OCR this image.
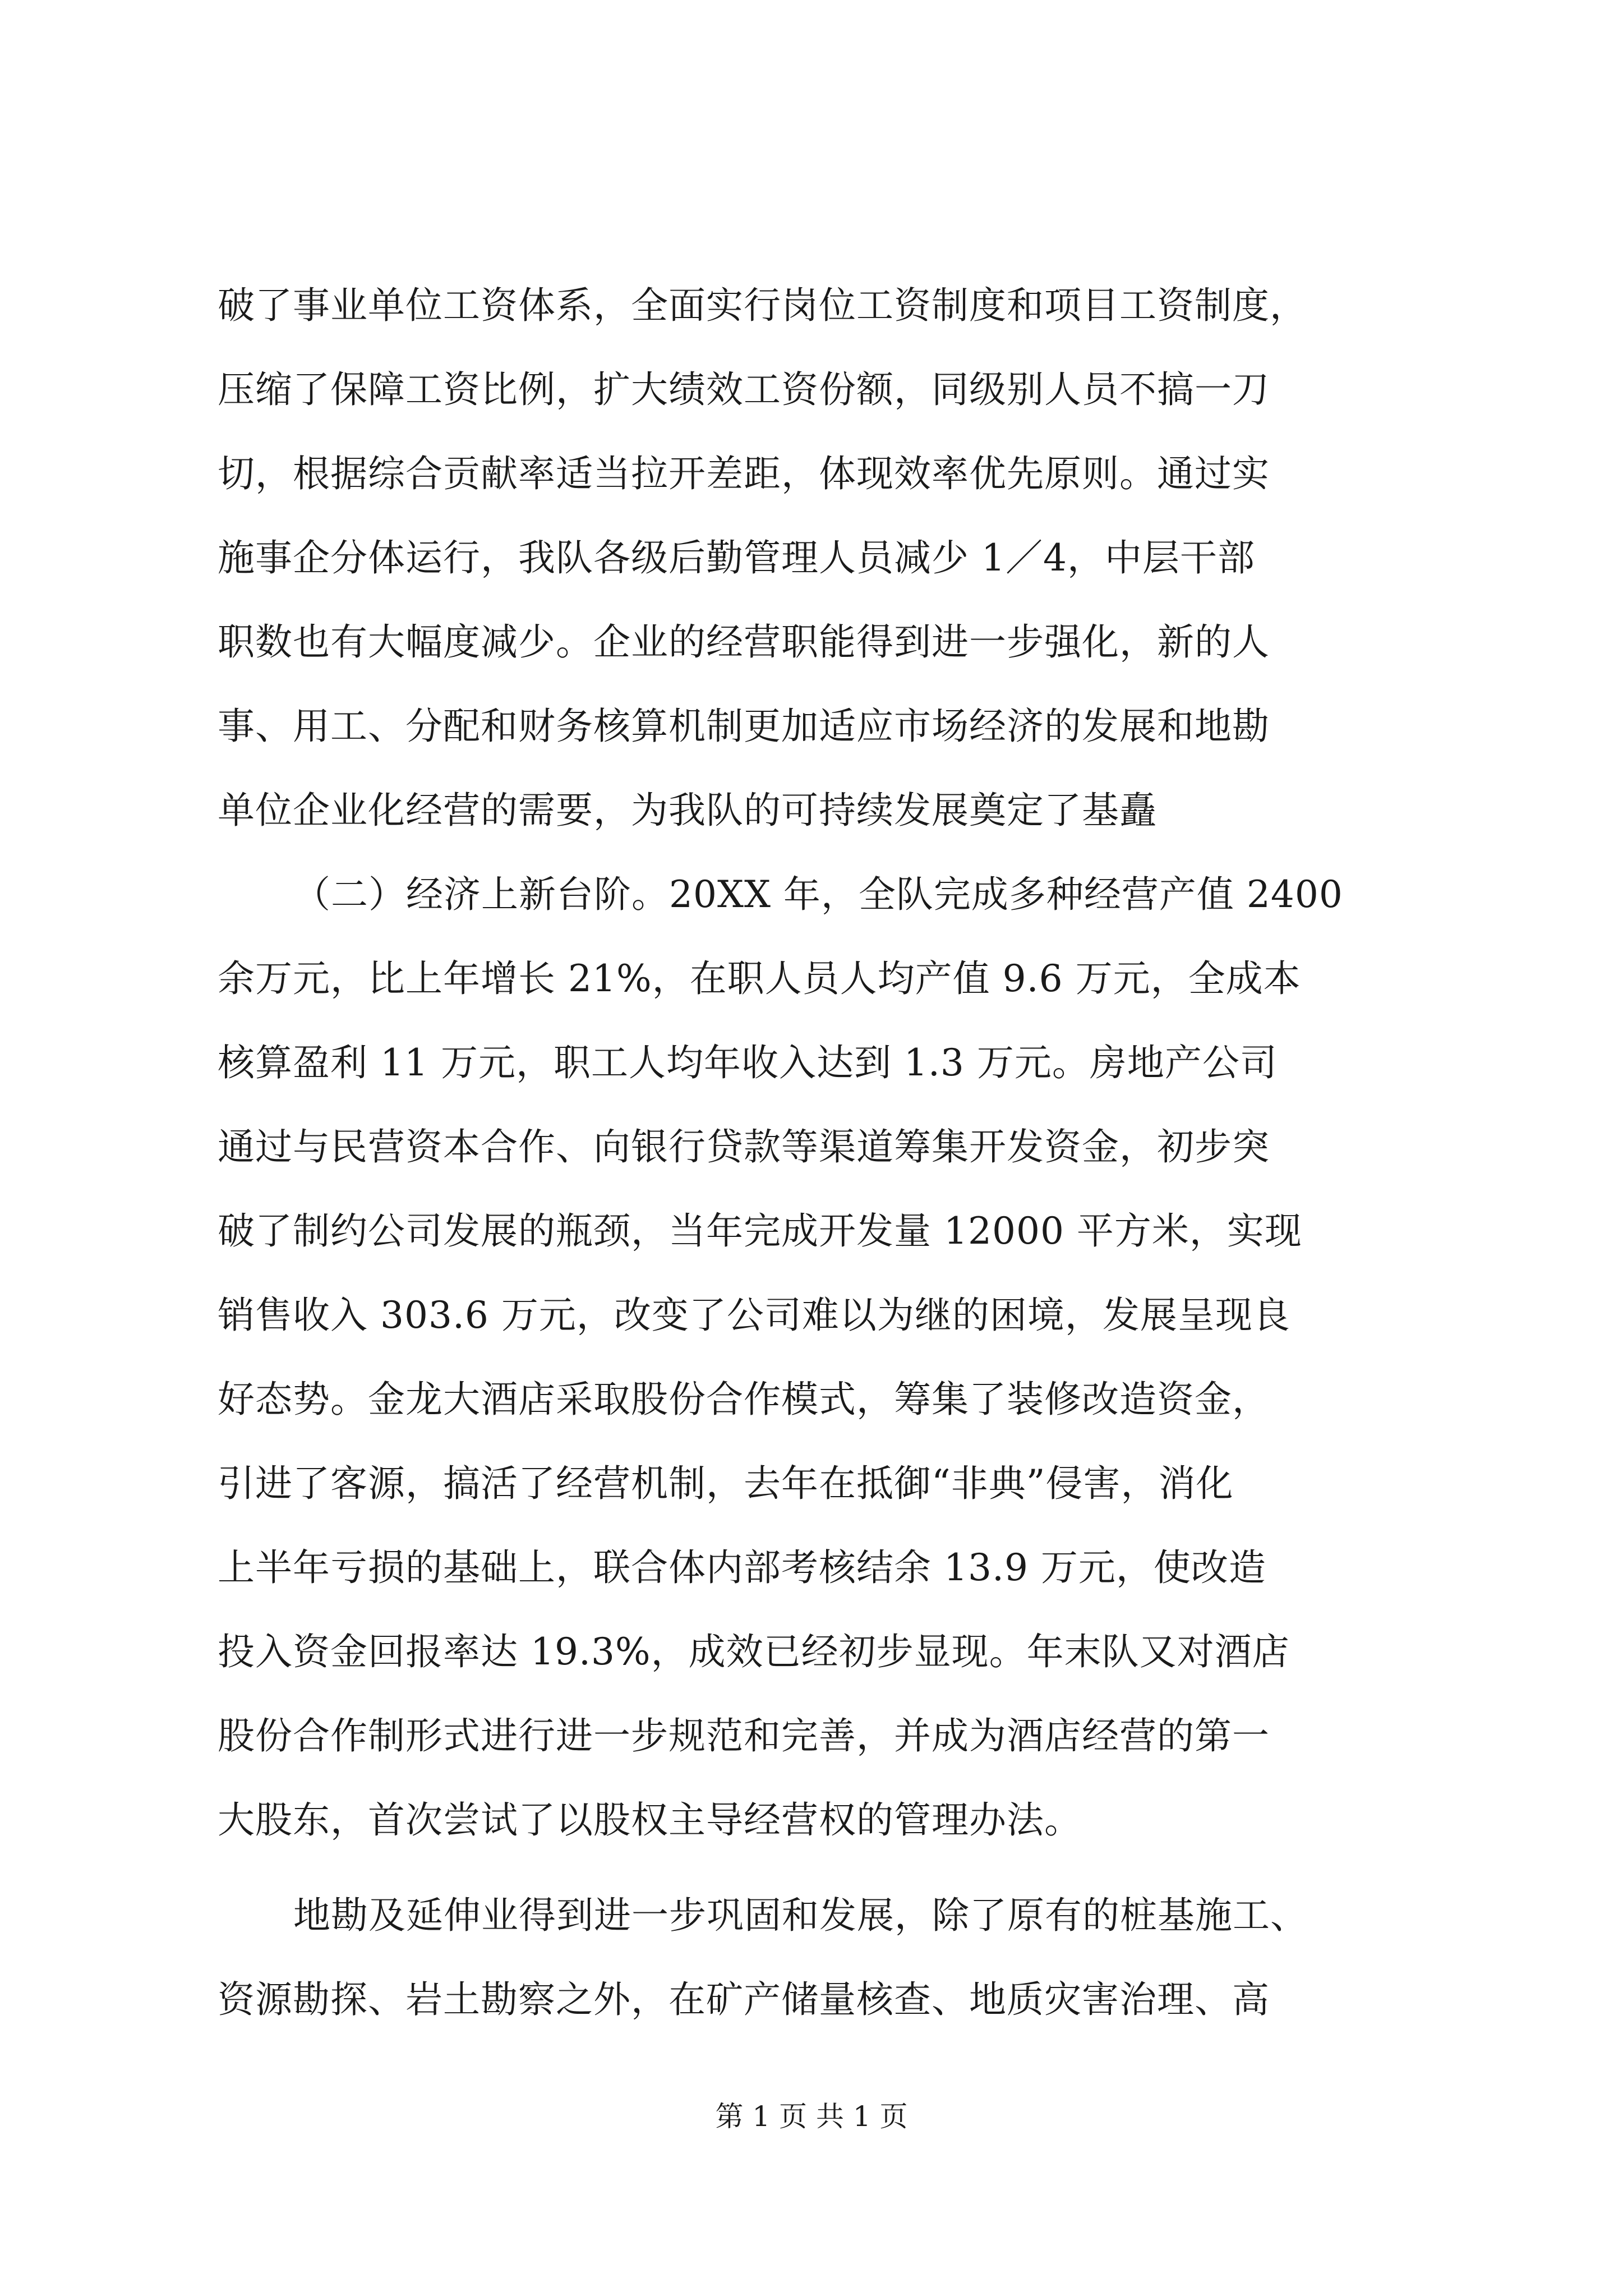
破了事业单位工资体系，全面实行岗位工资制度和项目工资制度，
压缩了保障工资比例，扩大绩效工资份额，同级别人员不搞一刀
切，根据综合贡献率适当拉开差距，体现效率优先原则。通过实
施事企分体运行，我队各级后勤管理人员减少 1／4，中层干部
职数也有大幅度减少。企业的经营职能得到进一步强化，新的人
事、用工、分配和财务核算机制更加适应市场经济的发展和地勘
单位企业化经营的需要，为我队的可持续发展奠定了基矗
（二）经济上新台阶。20XX 年，全队完成多种经营产值 2400
余万元，比上年增长 21%，在职人员人均产值 9.6 万元，全成本
核算盈利 11 万元，职工人均年收入达到 1.3 万元。房地产公司
通过与民营资本合作、向银行贷款等渠道筹集开发资金，初步突
破了制约公司发展的瓶颈，当年完成开发量 12000 平方米，实现
销售收入 303.6 万元，改变了公司难以为继的困境，发展呈现良
好态势。金龙大酒店采取股份合作模式，筹集了装修改造资金，
引进了客源，搞活了经营机制，去年在抵御“非典”侵害，消化
上半年亏损的基础上，联合体内部考核结余 13.9 万元，使改造
投入资金回报率达 19.3%，成效已经初步显现。年末队又对酒店
股份合作制形式进行进一步规范和完善，并成为酒店经营的第一
大股东，首次尝试了以股权主导经营权的管理办法。
地勘及延伸业得到进一步巩固和发展，除了原有的桩基施工、
资源勘探、岩土勘察之外，在矿产储量核查、地质灾害治理、高
第 1 页 共 1 页
